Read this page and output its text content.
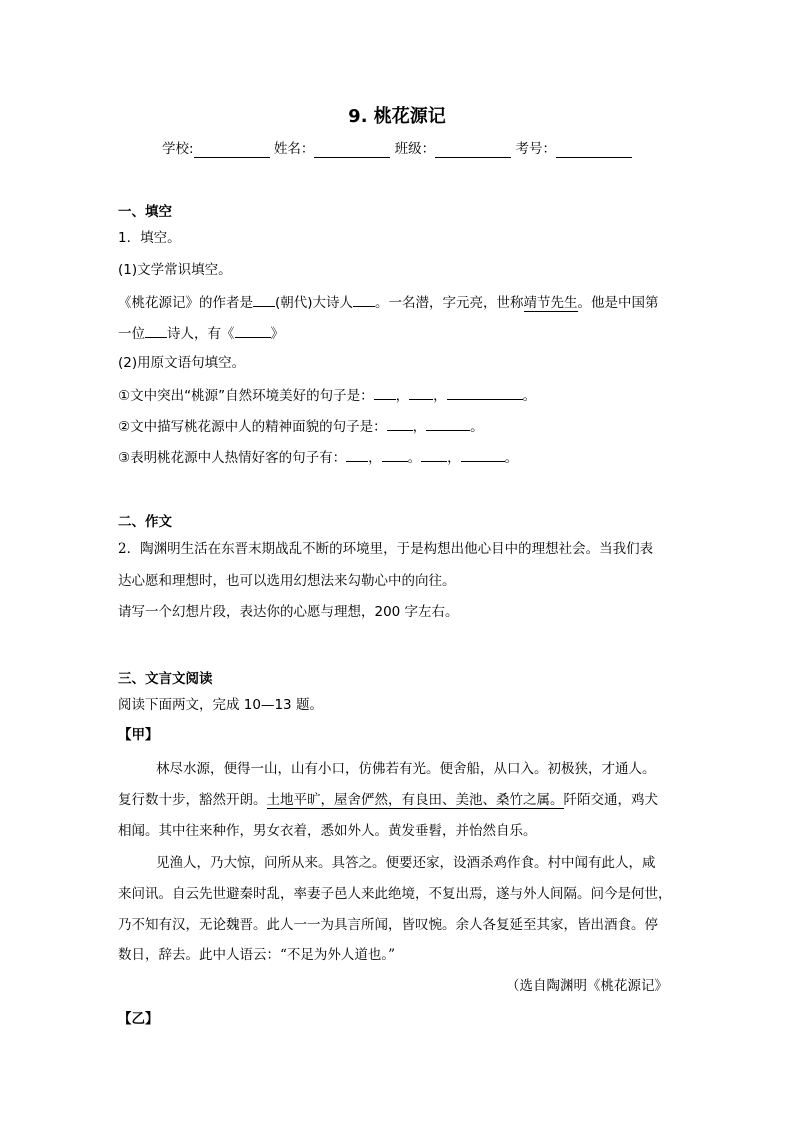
9. 桃花源记
学校:	姓名：	班级：	考号：
一、填空
1．填空。
(1)文学常识填空。
《桃花源记》的作者是 (朝代)大诗人 。一名潜，字元亮，世称靖节先生。他是中国第
一位 诗人，有《	》
(2)用原文语句填空。
①文中突出“桃源”自然环境美好的句子是： ， ，	。
②文中描写桃花源中人的精神面貌的句子是： ，	。
③表明桃花源中人热情好客的句子有： ， 。 ，	。
二、作文
2．陶渊明生活在东晋末期战乱不断的环境里，于是构想出他心目中的理想社会。当我们表
达心愿和理想时，也可以选用幻想法来勾勒心中的向往。
请写一个幻想片段，表达你的心愿与理想，200 字左右。
三、文言文阅读
阅读下面两文，完成 10—13 题。
【甲】
林尽水源，便得一山，山有小口，仿佛若有光。便舍船，从口入。初极狭，才通人。
复行数十步，豁然开朗。土地平旷，屋舍俨然，有良田、美池、桑竹之属。阡陌交通，鸡犬
相闻。其中往来种作，男女衣着，悉如外人。黄发垂髫，并怡然自乐。
见渔人，乃大惊，问所从来。具答之。便要还家，设酒杀鸡作食。村中闻有此人，咸
来问讯。自云先世避秦时乱，率妻子邑人来此绝境，不复出焉，遂与外人间隔。问今是何世，
乃不知有汉，无论魏晋。此人一一为具言所闻，皆叹惋。余人各复延至其家，皆出酒食。停
数日，辞去。此中人语云：“不足为外人道也。”
（选自陶渊明《桃花源记》
【乙】
